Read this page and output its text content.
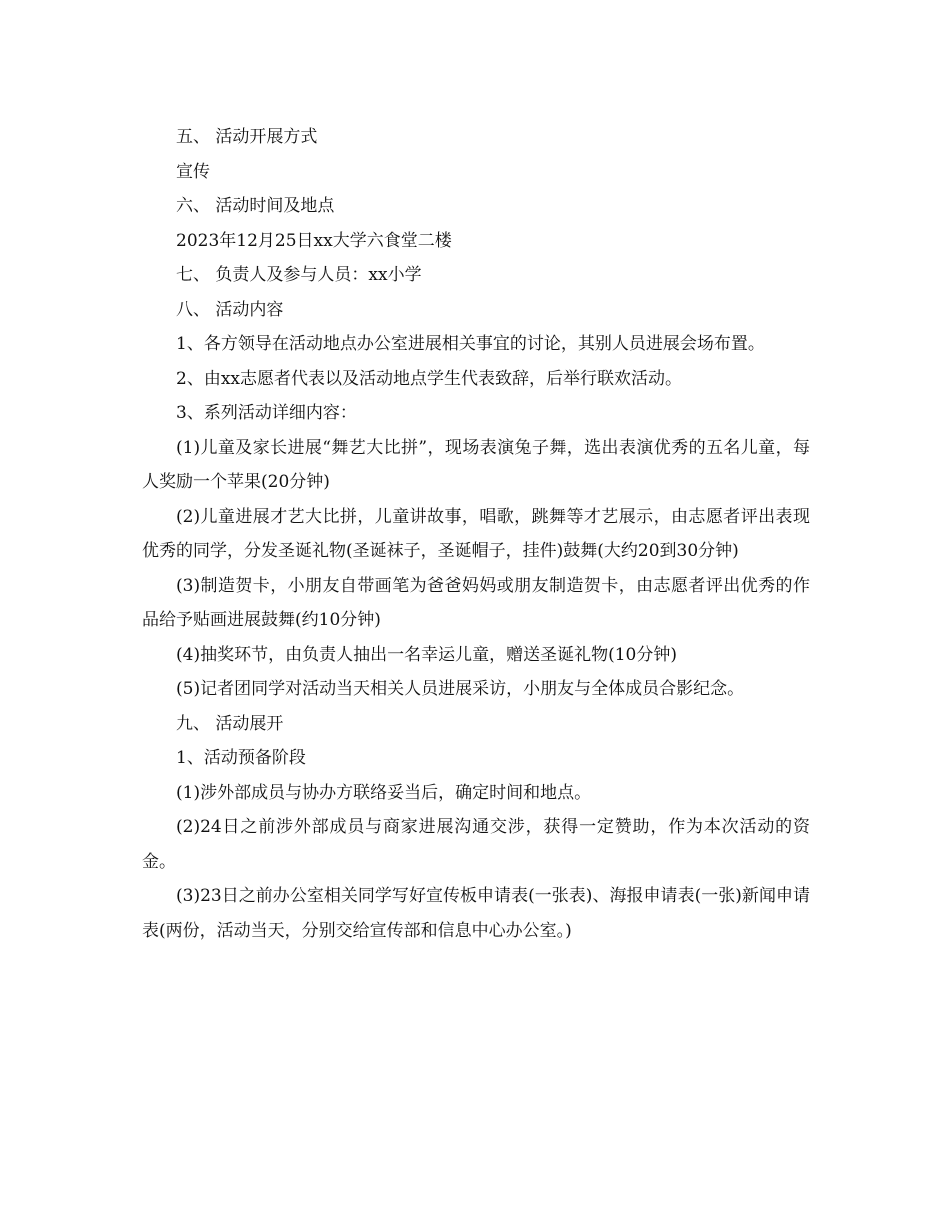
五、 活动开展方式

宣传

六、 活动时间及地点

2023年12月25日xx大学六食堂二楼

七、 负责人及参与人员：xx小学

八、 活动内容

1、各方领导在活动地点办公室进展相关事宜的讨论，其别人员进展会场布置。

2、由xx志愿者代表以及活动地点学生代表致辞，后举行联欢活动。

3、系列活动详细内容：

(1)儿童及家长进展“舞艺大比拼”，现场表演兔子舞，选出表演优秀的五名儿童，每人奖励一个苹果(20分钟)

(2)儿童进展才艺大比拼，儿童讲故事，唱歌，跳舞等才艺展示，由志愿者评出表现优秀的同学，分发圣诞礼物(圣诞袜子，圣诞帽子，挂件)鼓舞(大约20到30分钟)

(3)制造贺卡，小朋友自带画笔为爸爸妈妈或朋友制造贺卡，由志愿者评出优秀的作品给予贴画进展鼓舞(约10分钟)

(4)抽奖环节，由负责人抽出一名幸运儿童，赠送圣诞礼物(10分钟)

(5)记者团同学对活动当天相关人员进展采访，小朋友与全体成员合影纪念。

九、 活动展开

1、活动预备阶段

(1)涉外部成员与协办方联络妥当后，确定时间和地点。

(2)24日之前涉外部成员与商家进展沟通交涉，获得一定赞助，作为本次活动的资金。

(3)23日之前办公室相关同学写好宣传板申请表(一张表)、海报申请表(一张)新闻申请表(两份，活动当天，分别交给宣传部和信息中心办公室。)
